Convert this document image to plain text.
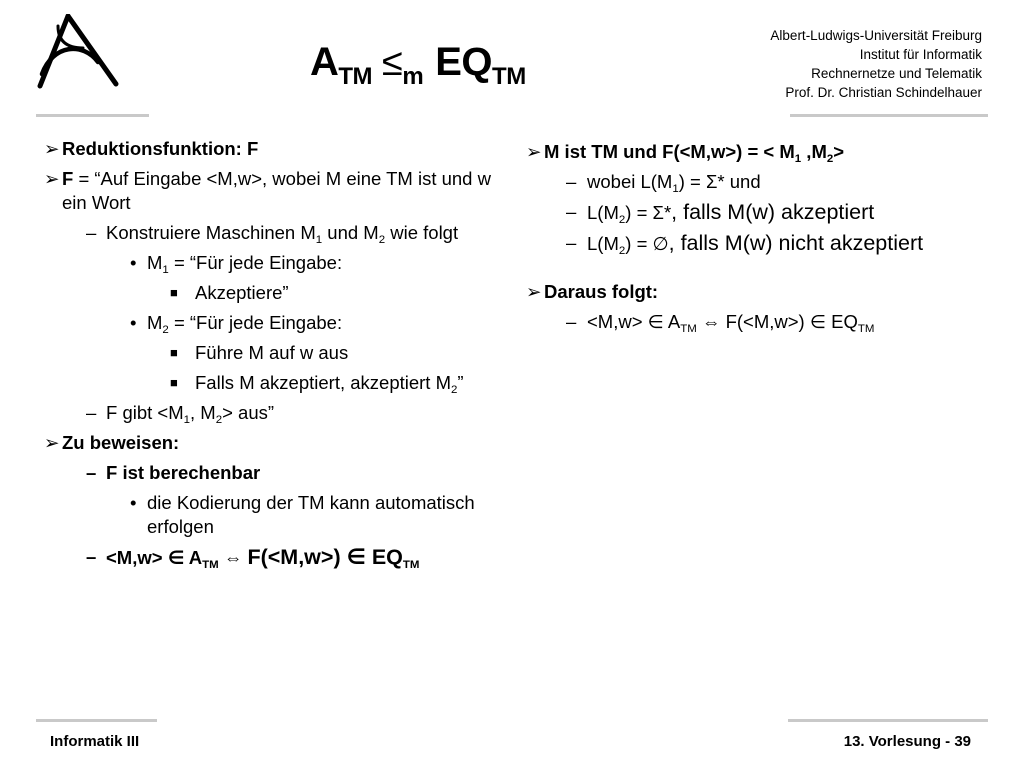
$A_{TM} \le_m$ $EQ_{TM}$
Albert-Ludwigs-Universität Freiburg
Institut für Informatik
Rechnernetze und Telematik
Prof. Dr. Christian Schindelhauer
➢ Reduktionsfunktion: F
➢ F = “Auf Eingabe <M,w>, wobei M eine TM ist und w ein Wort
– Konstruiere Maschinen $M_1$ und $M_2$ wie folgt
• $M_1$ = “Für jede Eingabe:
■ Akzeptiere”
• $M_2$ = “Für jede Eingabe:
■ Führe M auf w aus
■ Falls M akzeptiert, akzeptiert $M_2$”
– F gibt $<M_1$, $M_2>$ aus”
➢ Zu beweisen:
– F ist berechenbar
• die Kodierung der TM kann automatisch erfolgen
– <M,w> ∈ $A_{TM}$ ⇔ F(<M,w>) ∈ $EQ_{TM}$
➢ M ist TM und F(<M,w>) = < $M_1$ $,M_2>$
– wobei $L(M_1) = \Sigma*$ und
– $L(M_2) = \Sigma*$, falls M(w) akzeptiert
– $L(M_2)$ = ∅, falls M(w) nicht akzeptiert
➢ Daraus folgt:
– <M,w> ∈ $A_{TM}$ ⇔ F(<M,w>) ∈ $EQ_{TM}$
Informatik III	13. Vorlesung - 39
